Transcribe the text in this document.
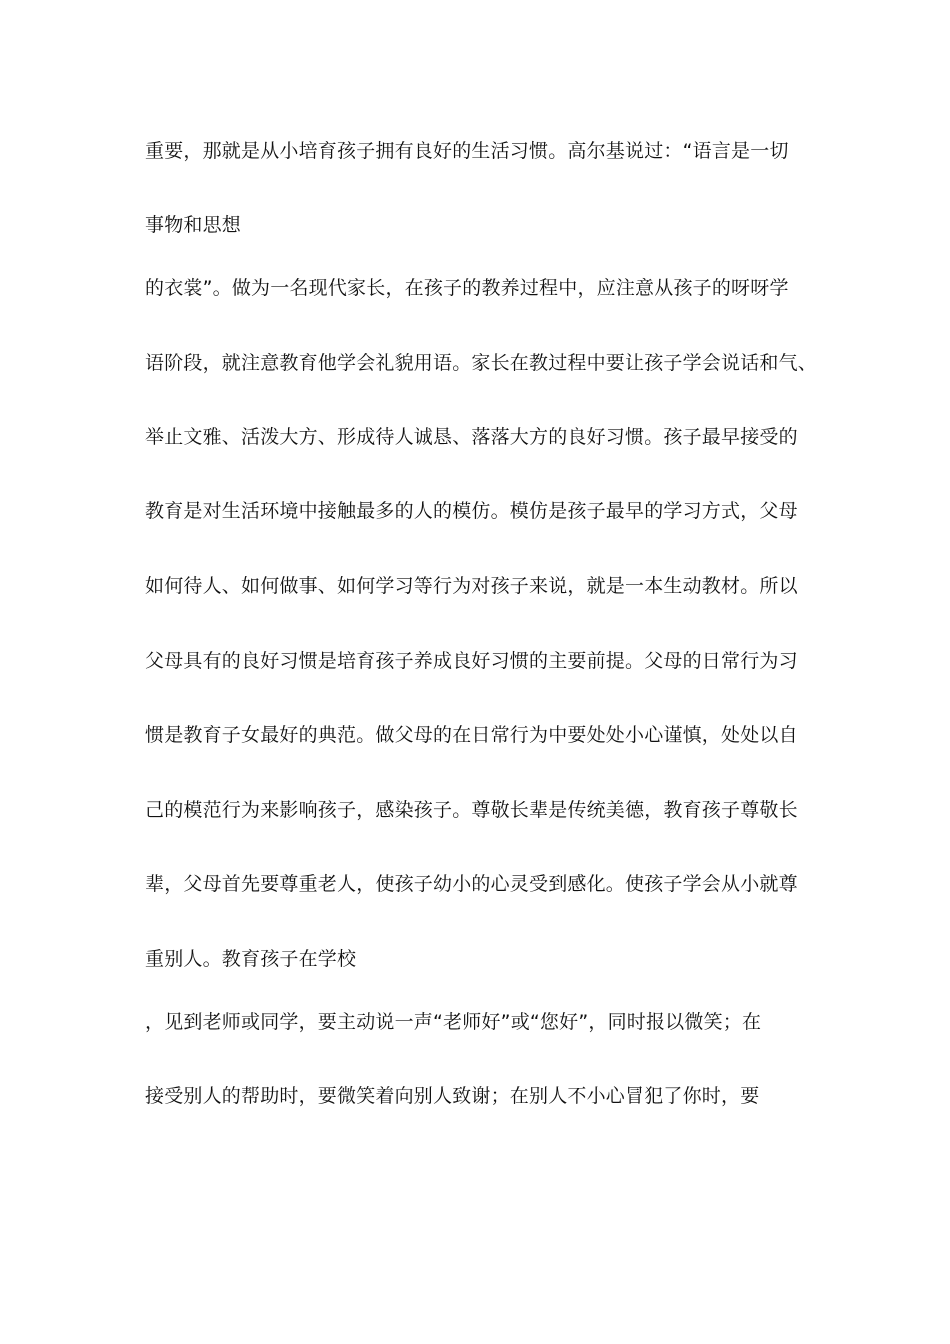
重要，那就是从小培育孩子拥有良好的生活习惯。高尔基说过：“语言是一切
事物和思想
的衣裳”。做为一名现代家长，在孩子的教养过程中，应注意从孩子的呀呀学
语阶段，就注意教育他学会礼貌用语。家长在教过程中要让孩子学会说话和气、
举止文雅、活泼大方、形成待人诚恳、落落大方的良好习惯。孩子最早接受的
教育是对生活环境中接触最多的人的模仿。模仿是孩子最早的学习方式，父母
如何待人、如何做事、如何学习等行为对孩子来说，就是一本生动教材。所以
父母具有的良好习惯是培育孩子养成良好习惯的主要前提。父母的日常行为习
惯是教育子女最好的典范。做父母的在日常行为中要处处小心谨慎，处处以自
己的模范行为来影响孩子，感染孩子。尊敬长辈是传统美德，教育孩子尊敬长
辈，父母首先要尊重老人，使孩子幼小的心灵受到感化。使孩子学会从小就尊
重别人。教育孩子在学校
，见到老师或同学，要主动说一声“老师好”或“您好”，同时报以微笑；在
接受别人的帮助时，要微笑着向别人致谢；在别人不小心冒犯了你时，要
